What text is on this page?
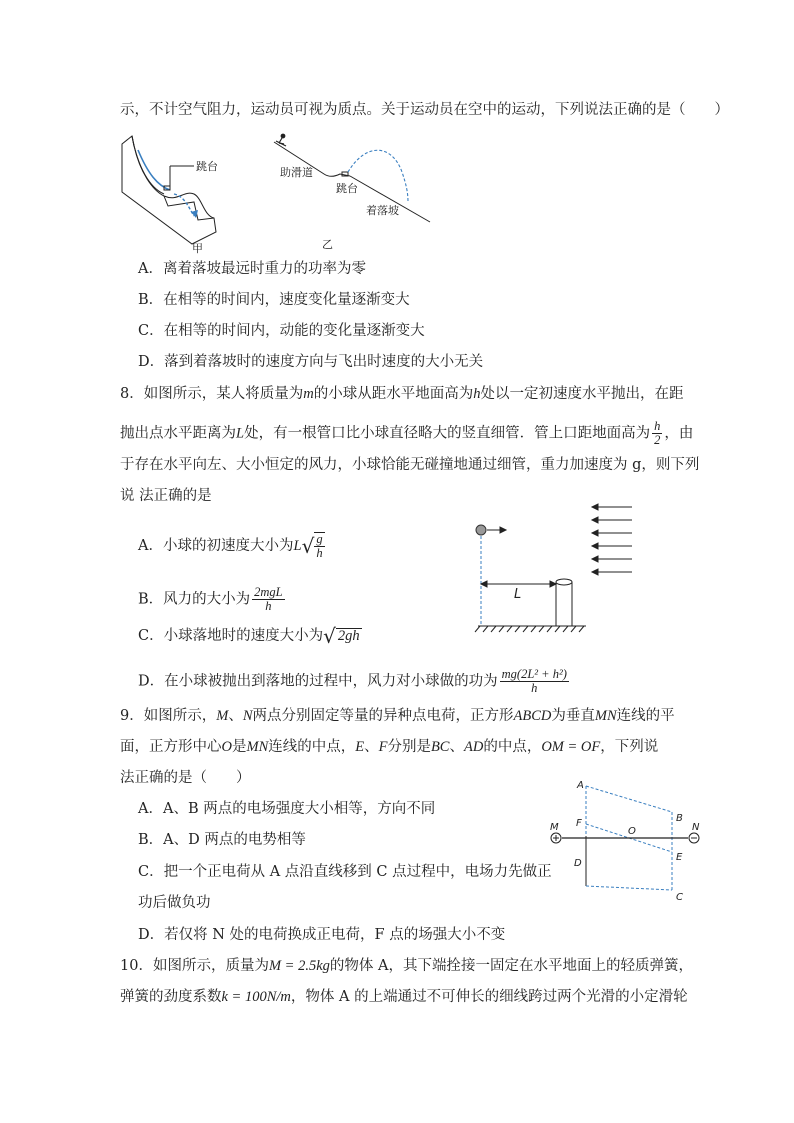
示，不计空气阻力，运动员可视为质点。关于运动员在空中的运动，下列说法正确的是（　　）
跳台
甲
助滑道
跳台
着落坡
乙
A．离着落坡最远时重力的功率为零
B．在相等的时间内，速度变化量逐渐变大
C．在相等的时间内，动能的变化量逐渐变大
D．落到着落坡时的速度方向与飞出时速度的大小无关
8．如图所示，某人将质量为m的小球从距水平地面高为h处以一定初速度水平抛出，在距
抛出点水平距离为L处，有一根管口比小球直径略大的竖直细管．管上口距地面高为 $\frac{h}{2}$ ，由
于存在水平向左、大小恒定的风力，小球恰能无碰撞地通过细管，重力加速度为 g，则下列
说 法正确的是
A．小球的初速度大小为L √ $\frac{g}{h}$
B．风力的大小为 $\frac{\text{2mgL}}{h}$
C．小球落地时的速度大小为 √ 2gh
D．在小球被抛出到落地的过程中，风力对小球做的功为 $\frac{\text{mg(2L² + h²)}}{h}$
L
9．如图所示，M、N两点分别固定等量的异种点电荷，正方形ABCD为垂直MN连线的平
面，正方形中心O是MN连线的中点，E、F分别是BC、AD的中点，OM = OF，下列说
法正确的是（　　）
A．A、B 两点的电场强度大小相等，方向不同
B．A、D 两点的电势相等
C．把一个正电荷从 A 点沿直线移到 C 点过程中，电场力先做正
功后做负功
D．若仅将 N 处的电荷换成正电荷，F 点的场强大小不变
A
B
C
D
E
F
O
M	N
10．如图所示，质量为M = 2.5kg的物体 A，其下端拴接一固定在水平地面上的轻质弹簧，
弹簧的劲度系数k = 100N/m，物体 A 的上端通过不可伸长的细线跨过两个光滑的小定滑轮
